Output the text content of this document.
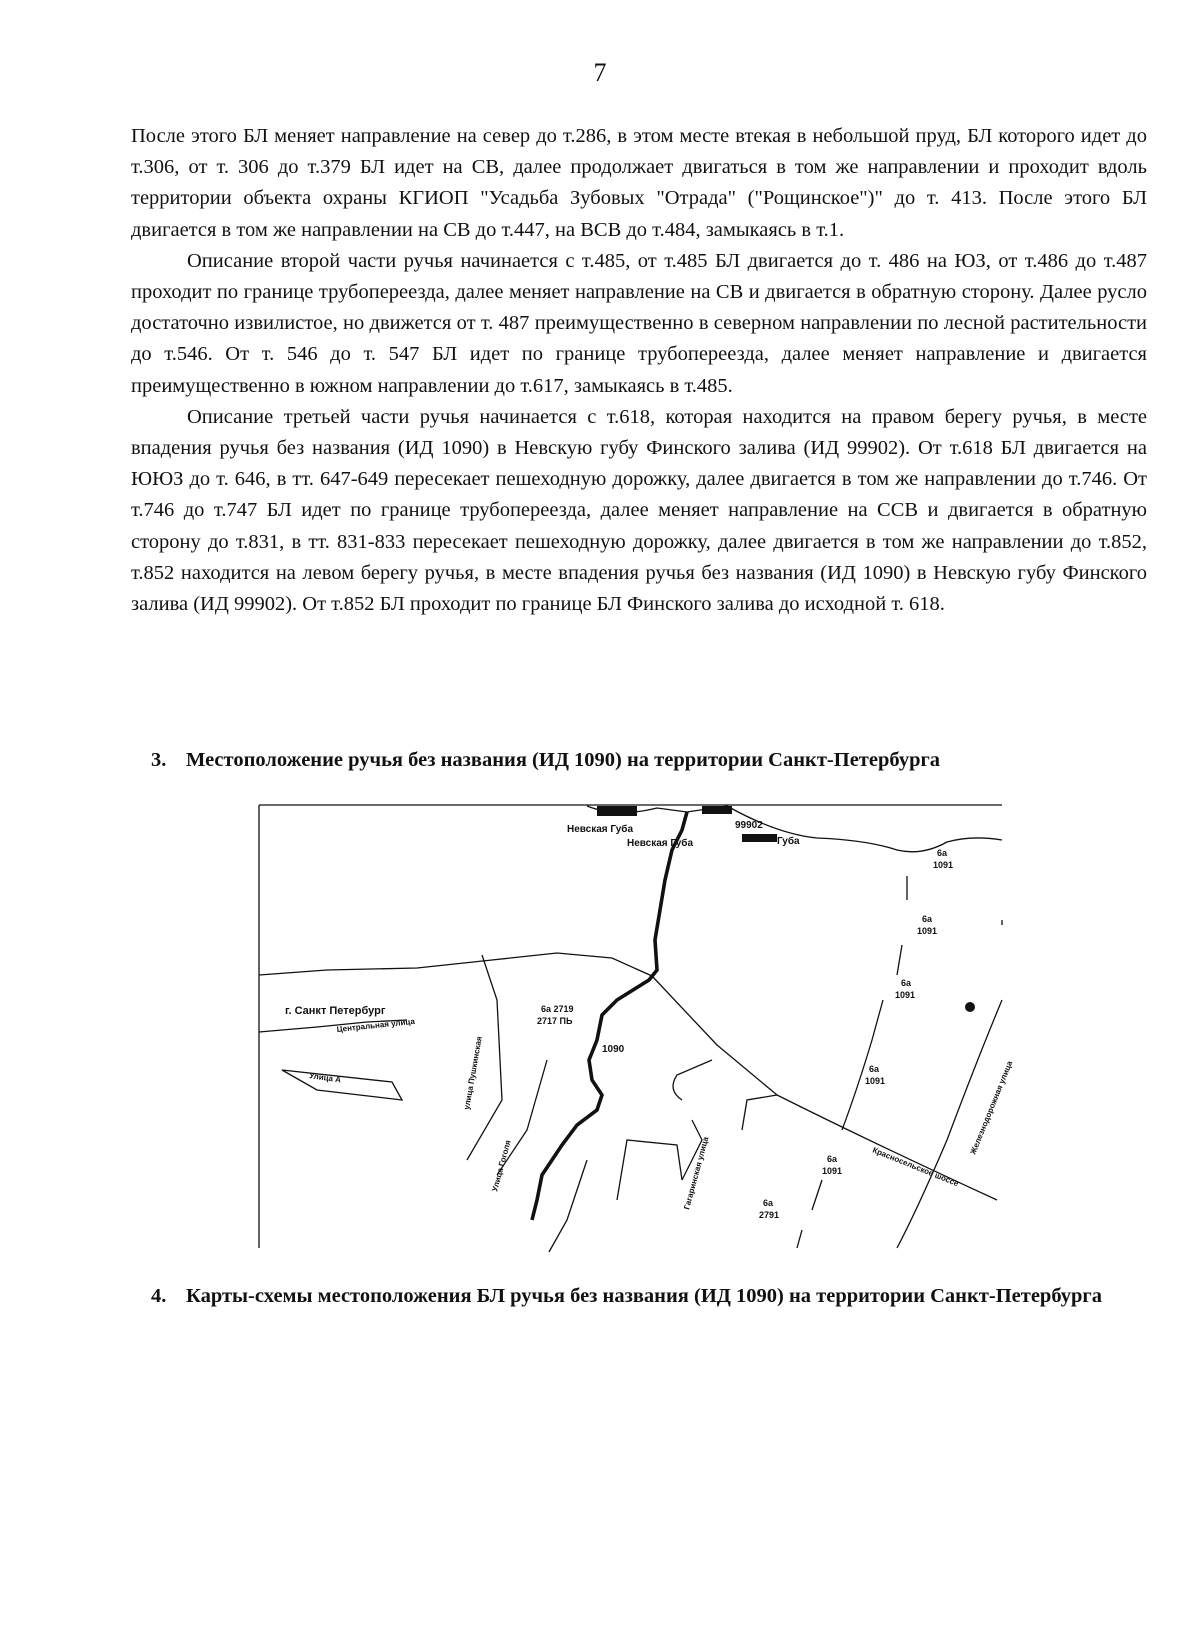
7

После этого БЛ меняет направление на север до т.286, в этом месте втекая в небольшой пруд, БЛ которого идет до т.306, от т. 306 до т.379 БЛ идет на СВ, далее продолжает двигаться в том же направлении и проходит вдоль территории объекта охраны КГИОП "Усадьба Зубовых "Отрада" ("Рощинское")" до т. 413. После этого БЛ двигается в том же направлении на СВ до т.447, на ВСВ до т.484, замыкаясь в т.1.

Описание второй части ручья начинается с т.485, от т.485 БЛ двигается до т. 486 на ЮЗ, от т.486 до т.487 проходит по границе трубопереезда, далее меняет направление на СВ и двигается в обратную сторону. Далее русло достаточно извилистое, но движется от т. 487 преимущественно в северном направлении по лесной растительности до т.546. От т. 546 до т. 547 БЛ идет по границе трубопереезда, далее меняет направление и двигается преимущественно в южном направлении до т.617, замыкаясь в т.485.

Описание третьей части ручья начинается с т.618, которая находится на правом берегу ручья, в месте впадения ручья без названия (ИД 1090) в Невскую губу Финского залива (ИД 99902). От т.618 БЛ двигается на ЮЮЗ до т. 646, в тт. 647-649 пересекает пешеходную дорожку, далее двигается в том же направлении до т.746. От т.746 до т.747 БЛ идет по границе трубопереезда, далее меняет направление на ССВ и двигается в обратную сторону до т.831, в тт. 831-833 пересекает пешеходную дорожку, далее двигается в том же направлении до т.852, т.852 находится на левом берегу ручья, в месте впадения ручья без названия (ИД 1090) в Невскую губу Финского залива (ИД 99902). От т.852 БЛ проходит по границе БЛ Финского залива до исходной т. 618.

3. Местоположение ручья без названия (ИД 1090) на территории Санкт-Петербурга
Невская Губа
Невская Губа	Губа
99902
г. Санкт Петербург
Центральная улица
Улица А	улица Пушкинская
Улица Гоголя	Гагаринская улица
Железнодорожная улица
Красносельское шоссе
1090
6а 2719
2717 ПЬ
6а
1091
6а
1091
6а
1091
6а
1091
6а
1091
6а
2791
4. Карты-схемы местоположения БЛ ручья без названия (ИД 1090) на территории Санкт-Петербурга
